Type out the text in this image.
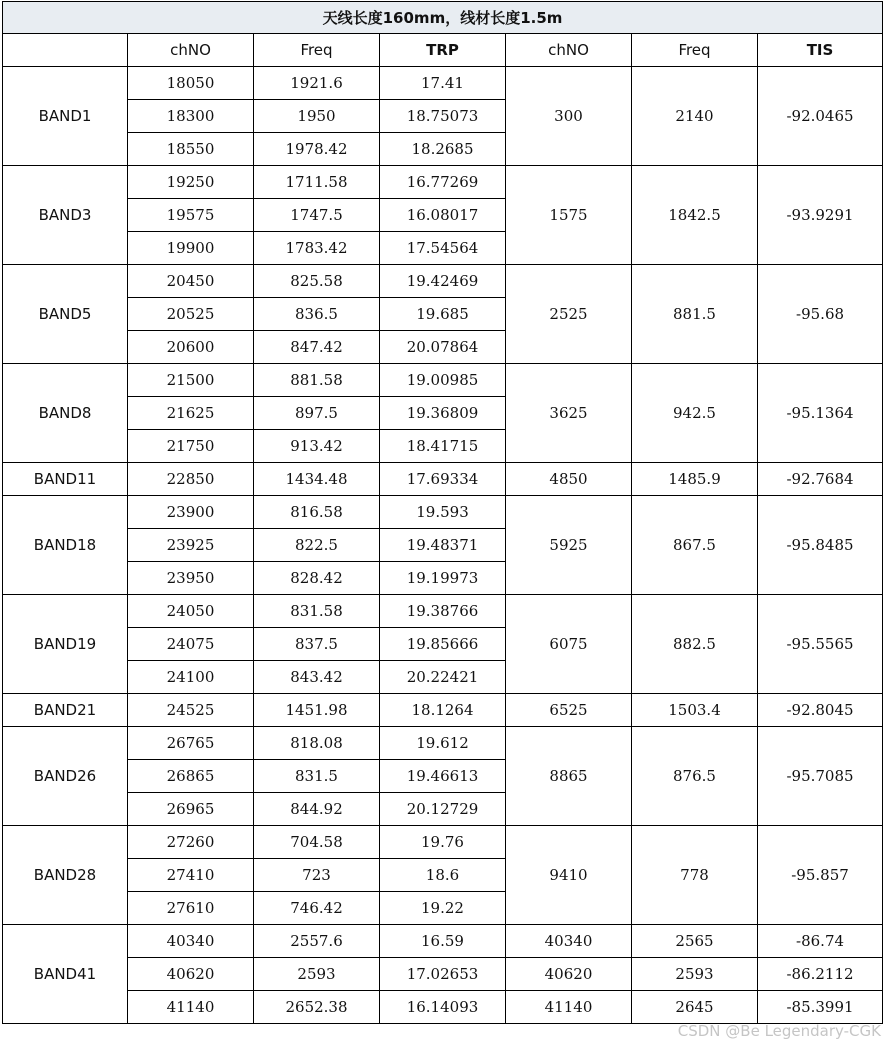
天线长度160mm，线材长度1.5m						
	chNO	Freq	TRP	chNO	Freq	TIS
BAND1	18050	1921.6	17.41	300	2140	-92.0465
	18300	1950	18.75073			
	18550	1978.42	18.2685			
BAND3	19250	1711.58	16.77269	1575	1842.5	-93.9291
	19575	1747.5	16.08017			
	19900	1783.42	17.54564			
BAND5	20450	825.58	19.42469	2525	881.5	-95.68
	20525	836.5	19.685			
	20600	847.42	20.07864			
BAND8	21500	881.58	19.00985	3625	942.5	-95.1364
	21625	897.5	19.36809			
	21750	913.42	18.41715			
BAND11	22850	1434.48	17.69334	4850	1485.9	-92.7684
BAND18	23900	816.58	19.593	5925	867.5	-95.8485
	23925	822.5	19.48371			
	23950	828.42	19.19973			
BAND19	24050	831.58	19.38766	6075	882.5	-95.5565
	24075	837.5	19.85666			
	24100	843.42	20.22421			
BAND21	24525	1451.98	18.1264	6525	1503.4	-92.8045
BAND26	26765	818.08	19.612	8865	876.5	-95.7085
	26865	831.5	19.46613			
	26965	844.92	20.12729			
BAND28	27260	704.58	19.76	9410	778	-95.857
	27410	723	18.6			
	27610	746.42	19.22			
BAND41	40340	2557.6	16.59	40340	2565	-86.74
	40620	2593	17.02653	40620	2593	-86.2112
	41140	2652.38	16.14093	41140	2645	-85.3991
CSDN @Be Legendary-CGK
